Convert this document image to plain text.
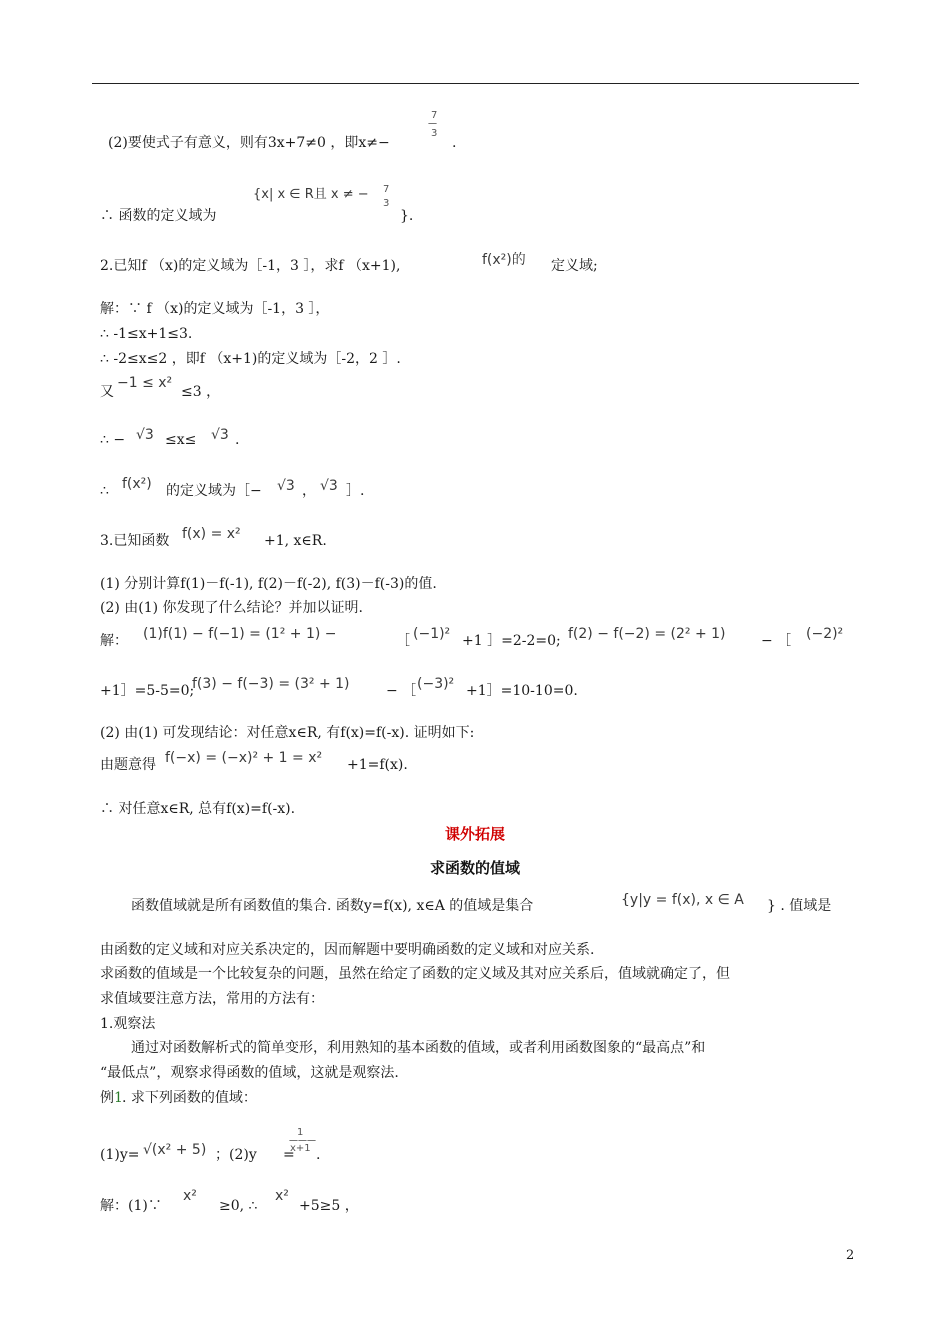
7
—
3
(2)要使式子有意义，则有3x+7≠0 ，即x≠−	.
{x| x ∈ R且 x ≠ − 7
3
∴ 函数的定义域为	}.
2.已知f （x)的定义域为［-1，3 ］，求f （x+1),	f(x²)的 定义域;
解：∵ f （x)的定义域为［-1，3 ］，
∴ -1≤x+1≤3.
∴ -2≤x≤2 ，即f （x+1)的定义域为［-2，2 ］.
又
−1 ≤ x²
≤3 ，
∴ − √3 ≤x≤ √3 .
∴ f(x²) 的定义域为［− √3 ， √3 ］.
3.已知函数 f(x) = x² +1, x∈R.
(1) 分别计算f(1)－f(-1), f(2)－f(-2), f(3)－f(-3)的值.
(2) 由(1) 你发现了什么结论？并加以证明.
解： (1)f(1) − f(−1) = (1² + 1) −	［ (−1)² +1 ］=2-2=0; f(2) − f(−2) = (2² + 1)	− ［ (−2)²
+1］=5-5=0;
f(3) − f(−3) = (3² + 1)	− ［ (−3)² +1］=10-10=0.
(2) 由(1) 可发现结论：对任意x∈R, 有f(x)=f(-x). 证明如下:
由题意得 f(−x) = (−x)² + 1 = x² +1=f(x).
∴ 对任意x∈R, 总有f(x)=f(-x).
课外拓展
求函数的值域
函数值域就是所有函数值的集合. 函数y=f(x), x∈A 的值域是集合	{y|y = f(x), x ∈ A } . 值域是
由函数的定义域和对应关系决定的，因而解题中要明确函数的定义域和对应关系.
求函数的值域是一个比较复杂的问题，虽然在给定了函数的定义域及其对应关系后，值域就确定了，但
求值域要注意方法，常用的方法有：
1.观察法
通过对函数解析式的简单变形，利用熟知的基本函数的值域，或者利用函数图象的“最高点”和
“最低点”，观察求得函数的值域，这就是观察法.
例 1 . 求下列函数的值域：
(1)y= √(x² + 5) ；(2)y =
1
———
x+1 .
解：(1)∵
x²
≥0, ∴
x²
+5≥5 ，
2
